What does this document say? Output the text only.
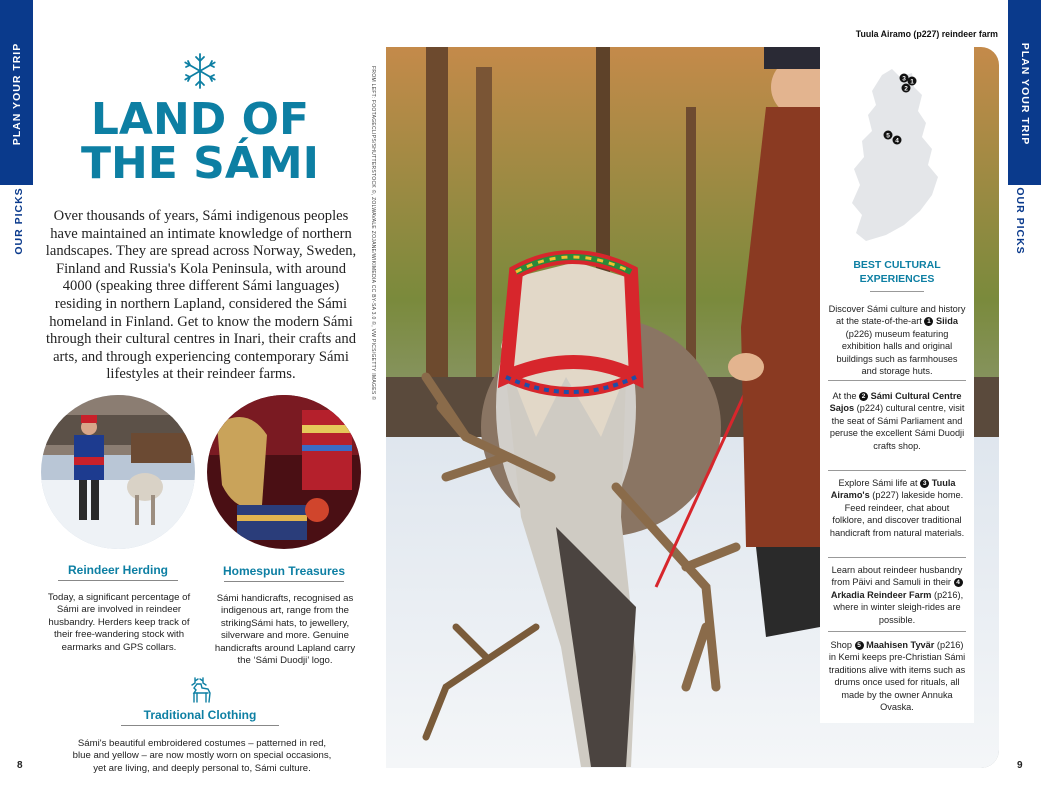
PLAN YOUR TRIP
OUR PICKS
PLAN YOUR TRIP
OUR PICKS
8	9
LAND OF
THE SÁMI
Over thousands of years, Sámi indigenous peoples have maintained an intimate knowledge of northern landscapes. They are spread across Norway, Sweden, Finland and Russia's Kola Peninsula, with around 4000 (speaking three different Sámi languages) residing in northern Lapland, considered the Sámi homeland in Finland. Get to know the modern Sámi through their cultural centres in Inari, their crafts and arts, and through experiencing contemporary Sámi lifestyles at their reindeer farms.
Reindeer Herding
Today, a significant percentage of Sámi are involved in reindeer husbandry. Herders keep track of their free-wandering stock with earmarks and GPS collars.
Homespun Treasures
Sámi handicrafts, recognised as indigenous art, range from the strikingSámi hats, to jewellery, silverware and more. Genuine handicrafts around Lapland carry the ‘Sámi Duodji’ logo.
Traditional Clothing
Sámi's beautiful embroidered costumes – patterned in red, blue and yellow – are now mostly worn on special occasions, yet are living, and deeply personal to, Sámi culture.
FROM LEFT: FOOTAGECLIPS/SHUTTERSTOCK ©, ZOLWAVALE ZOJANE/WIKIMEDIA CC BY-SA 3.0 ©, VW PICS/GETTY IMAGES ©
Tuula Airamo (p227) reindeer farm
3 1
2
5
4
BEST CULTURAL
EXPERIENCES
Discover Sámi culture and history at the state-of-the-art 1 Siida (p226) museum featuring exhibition halls and original buildings such as farmhouses and storage huts.
At the 2 Sámi Cultural Centre Sajos (p224) cultural centre, visit the seat of Sámi Parliament and peruse the excellent Sámi Duodji crafts shop.
Explore Sámi life at 3 Tuula Airamo's (p227) lakeside home. Feed reindeer, chat about folklore, and discover traditional handicraft from natural materials.
Learn about reindeer husbandry from Päivi and Samuli in their 4 Arkadia Reindeer Farm (p216), where in winter sleigh-rides are possible.
Shop 5 Maahisen Tyvär (p216) in Kemi keeps pre-Christian Sámi traditions alive with items such as drums once used for rituals, all made by the owner Annuka Ovaska.
